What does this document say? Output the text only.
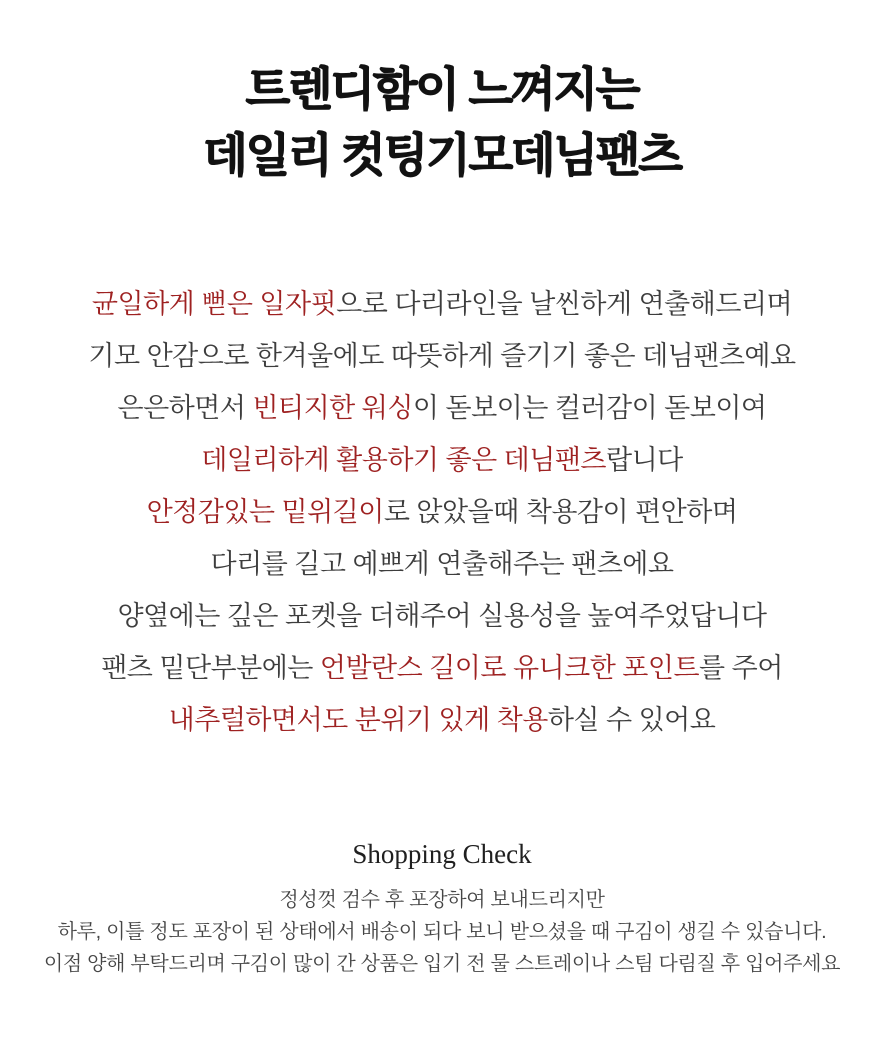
트렌디함이 느껴지는
데일리 컷팅기모데님팬츠
균일하게 뻗은 일자핏으로 다리라인을 날씬하게 연출해드리며
기모 안감으로 한겨울에도 따뜻하게 즐기기 좋은 데님팬츠예요
은은하면서 빈티지한 워싱이 돋보이는 컬러감이 돋보이여
데일리하게 활용하기 좋은 데님팬츠랍니다
안정감있는 밑위길이로 앉았을때 착용감이 편안하며
다리를 길고 예쁘게 연출해주는 팬츠에요
양옆에는 깊은 포켓을 더해주어 실용성을 높여주었답니다
팬츠 밑단부분에는 언발란스 길이로 유니크한 포인트를 주어
내추럴하면서도 분위기 있게 착용하실 수 있어요
Shopping Check
정성껏 검수 후 포장하여 보내드리지만
하루, 이틀 정도 포장이 된 상태에서 배송이 되다 보니 받으셨을 때 구김이 생길 수 있습니다.
이점 양해 부탁드리며 구김이 많이 간 상품은 입기 전 물 스트레이나 스팀 다림질 후 입어주세요
